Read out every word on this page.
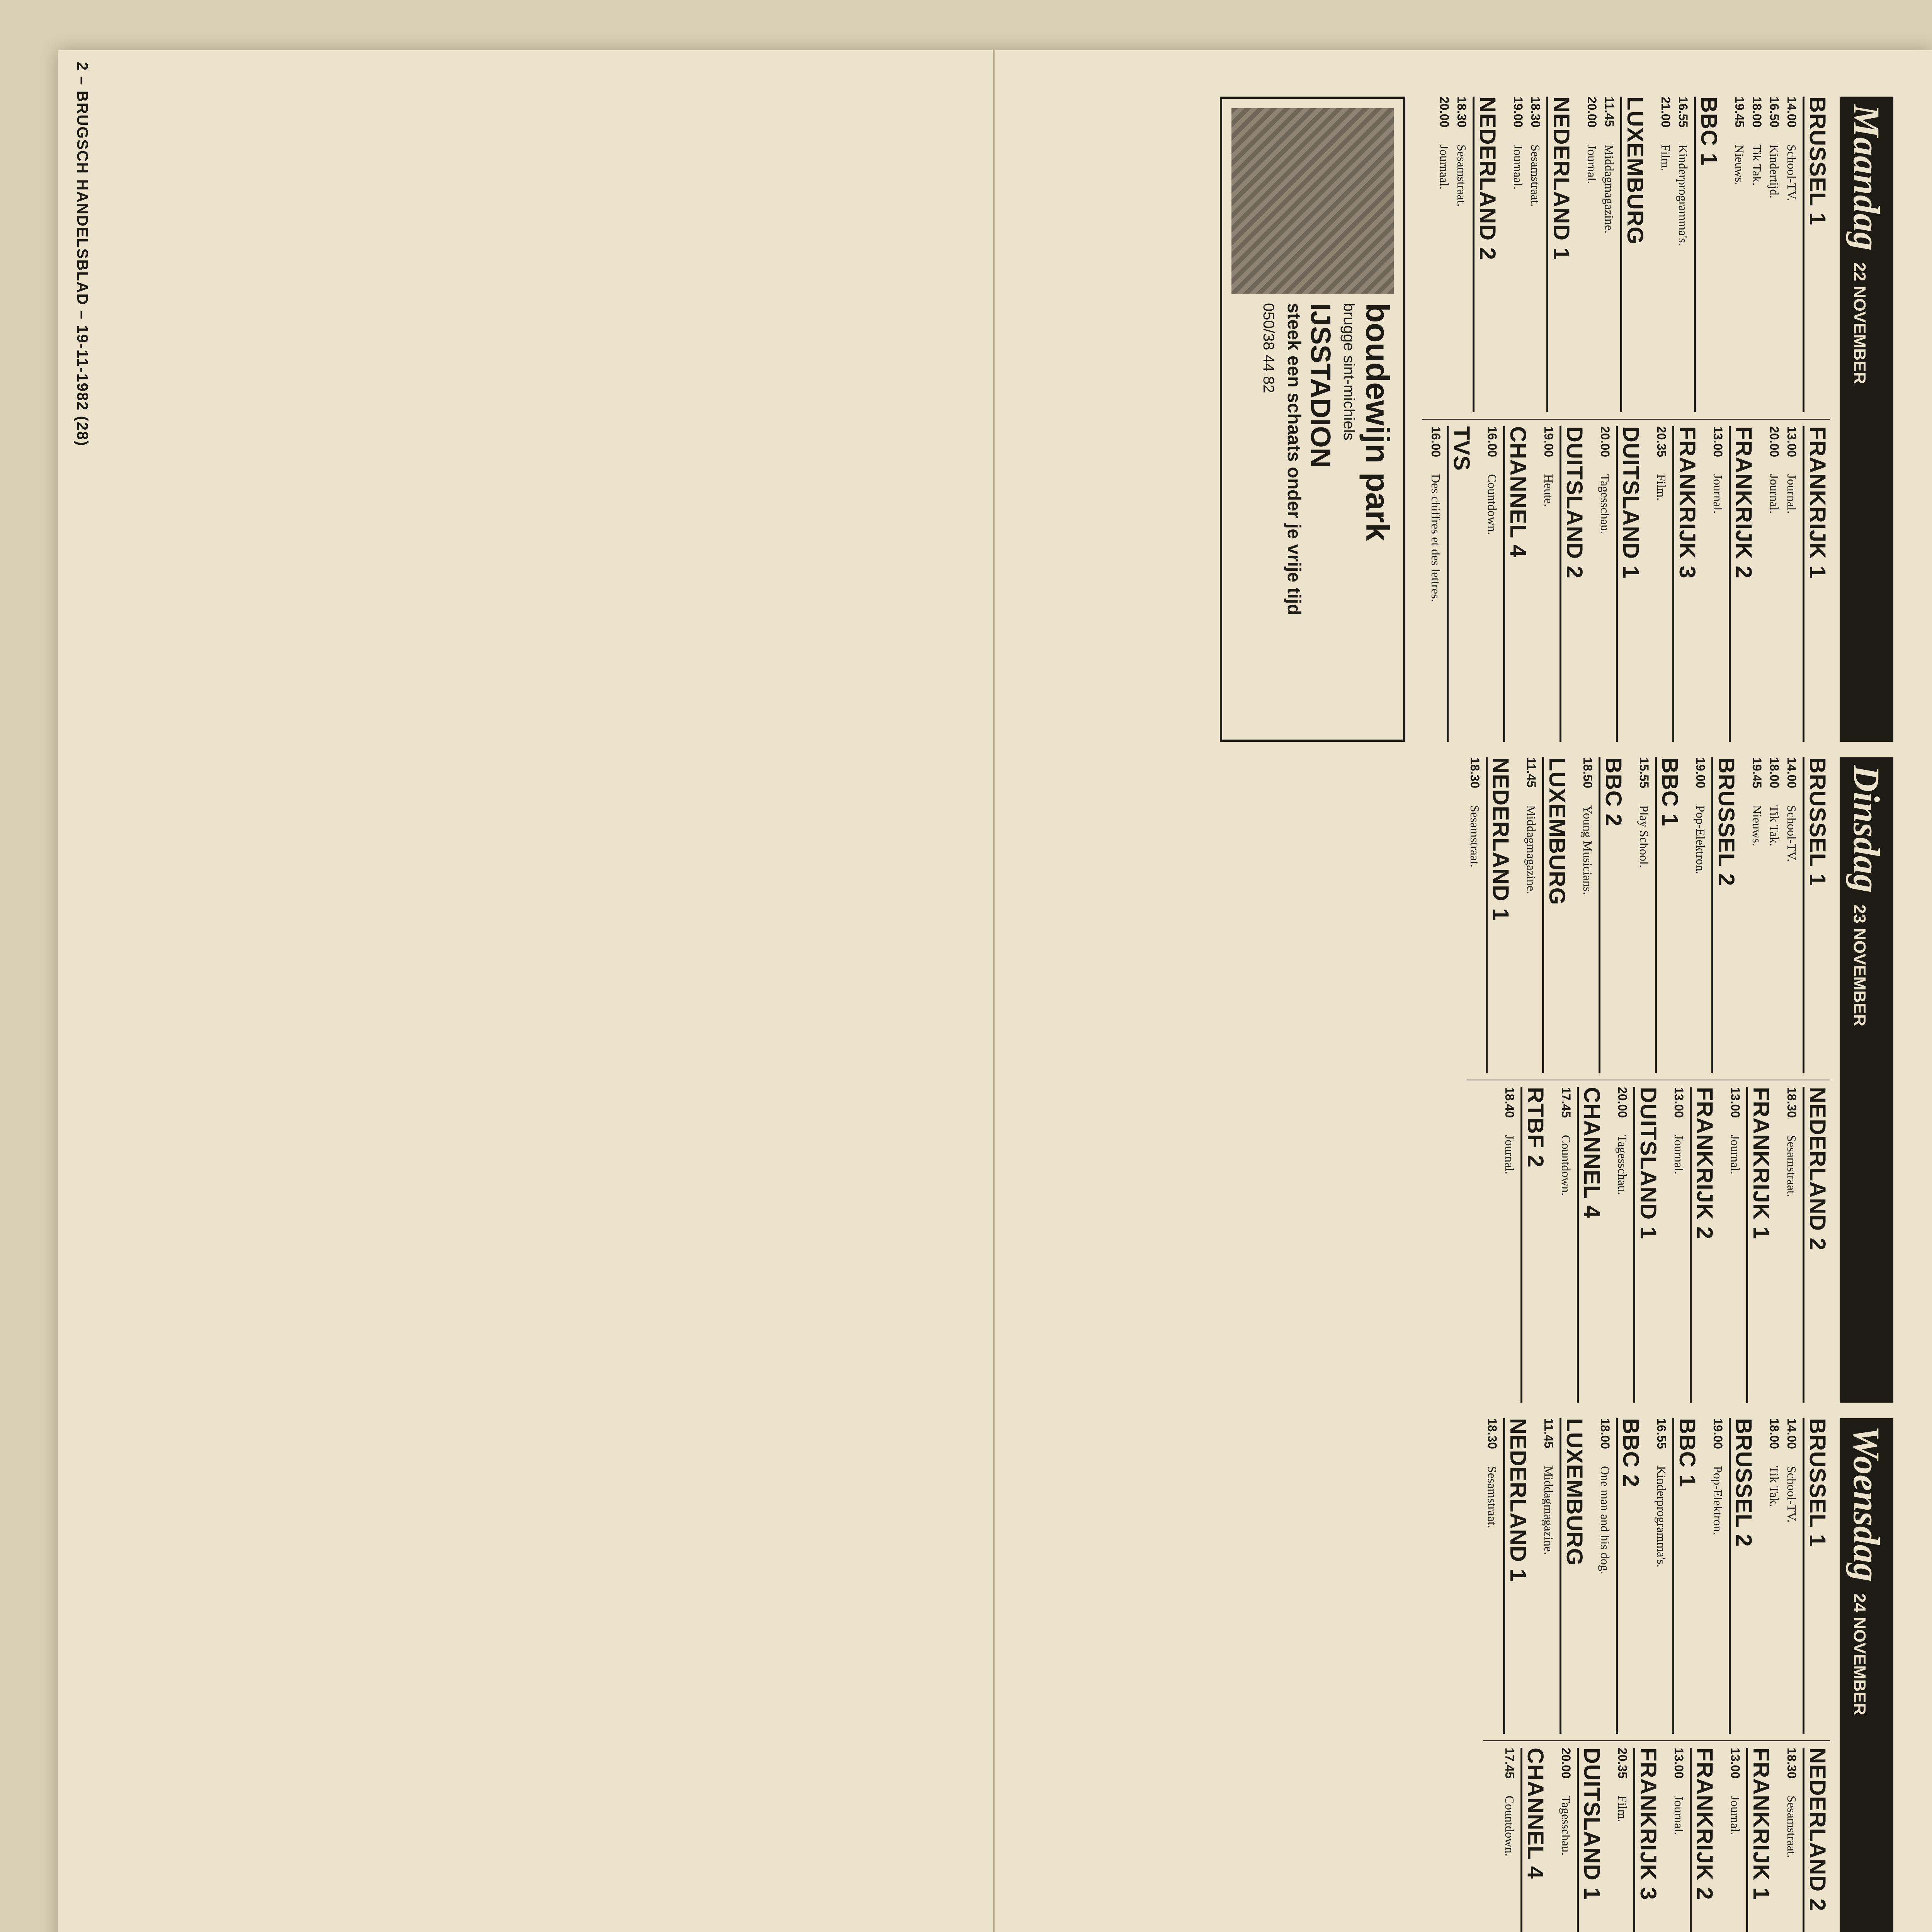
2 – BRUGSCH HANDELSBLAD – 19-11-1982 (28)	Maandag
22 NOVEMBER
BRUSSEL 1
14.00
School-TV.
16.50
Kindertijd.
18.00
Tik Tak.
19.45
Nieuws.
BBC 1
16.55
Kinderprogramma's.
21.00
Film.
LUXEMBURG
11.45
Middagmagazine.
20.00
Journal.
NEDERLAND 1
18.30
Sesamstraat.
19.00
Journaal.
NEDERLAND 2
18.30
Sesamstraat.
20.00
Journaal.
FRANKRIJK 1
13.00
Journal.
20.00
Journal.
FRANKRIJK 2
13.00
Journal.
FRANKRIJK 3
20.35
Film.
DUITSLAND 1
20.00
Tagesschau.
DUITSLAND 2
19.00
Heute.
CHANNEL 4
16.00
Countdown.
TVS
16.00
Des chiffres et des lettres.
boudewijn park
brugge sint-michiels
IJSSTADION
steek een schaats onder je vrije tijd
050/38 44 82
Dinsdag
23 NOVEMBER
BRUSSEL 1
14.00
School-TV.
18.00
Tik Tak.
19.45
Nieuws.
BRUSSEL 2
19.00
Pop-Elektron.
BBC 1
15.55
Play School.
BBC 2
18.50
Young Musicians.
LUXEMBURG
11.45
Middagmagazine.
NEDERLAND 1
18.30
Sesamstraat.
NEDERLAND 2
18.30
Sesamstraat.
FRANKRIJK 1
13.00
Journal.
FRANKRIJK 2
13.00
Journal.
DUITSLAND 1
20.00
Tagesschau.
CHANNEL 4
17.45
Countdown.
RTBF 2
18.40
Journal.
Woensdag
24 NOVEMBER
BRUSSEL 1
14.00
School-TV.
18.00
Tik Tak.
BRUSSEL 2
19.00
Pop-Elektron.
BBC 1
16.55
Kinderprogramma's.
BBC 2
18.00
One man and his dog.
LUXEMBURG
11.45
Middagmagazine.
NEDERLAND 1
18.30
Sesamstraat.
NEDERLAND 2
18.30
Sesamstraat.
FRANKRIJK 1
13.00
Journal.
FRANKRIJK 2
13.00
Journal.
FRANKRIJK 3
20.35
Film.
DUITSLAND 1
20.00
Tagesschau.
CHANNEL 4
17.45
Countdown.
